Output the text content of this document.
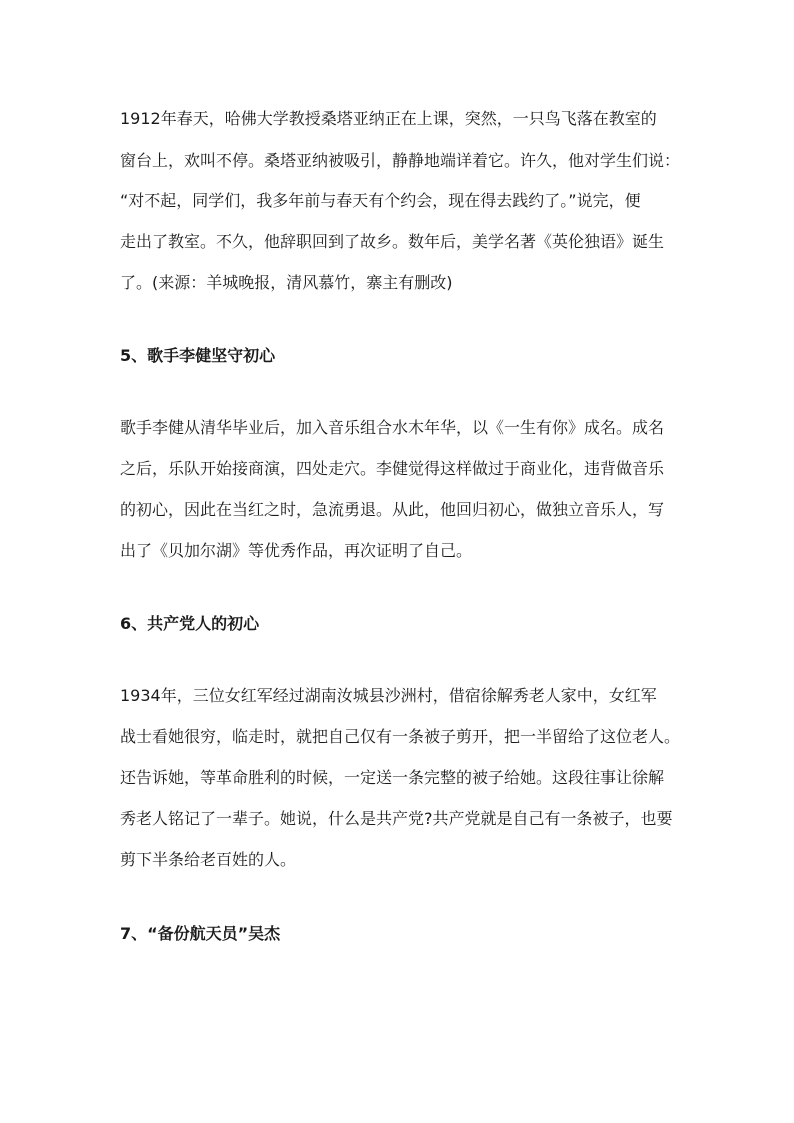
1912年春天，哈佛大学教授桑塔亚纳正在上课，突然，一只鸟飞落在教室的
窗台上，欢叫不停。桑塔亚纳被吸引，静静地端详着它。许久，他对学生们说：
“对不起，同学们，我多年前与春天有个约会，现在得去践约了。”说完，便
走出了教室。不久，他辞职回到了故乡。数年后，美学名著《英伦独语》诞生
了。(来源：羊城晚报，清风慕竹，寨主有删改)
5、歌手李健坚守初心
歌手李健从清华毕业后，加入音乐组合水木年华，以《一生有你》成名。成名
之后，乐队开始接商演，四处走穴。李健觉得这样做过于商业化，违背做音乐
的初心，因此在当红之时，急流勇退。从此，他回归初心，做独立音乐人，写
出了《贝加尔湖》等优秀作品，再次证明了自己。
6、共产党人的初心
1934年，三位女红军经过湖南汝城县沙洲村，借宿徐解秀老人家中，女红军
战士看她很穷，临走时，就把自己仅有一条被子剪开，把一半留给了这位老人。
还告诉她，等革命胜利的时候，一定送一条完整的被子给她。这段往事让徐解
秀老人铭记了一辈子。她说，什么是共产党?共产党就是自己有一条被子，也要
剪下半条给老百姓的人。
7、“备份航天员”吴杰
